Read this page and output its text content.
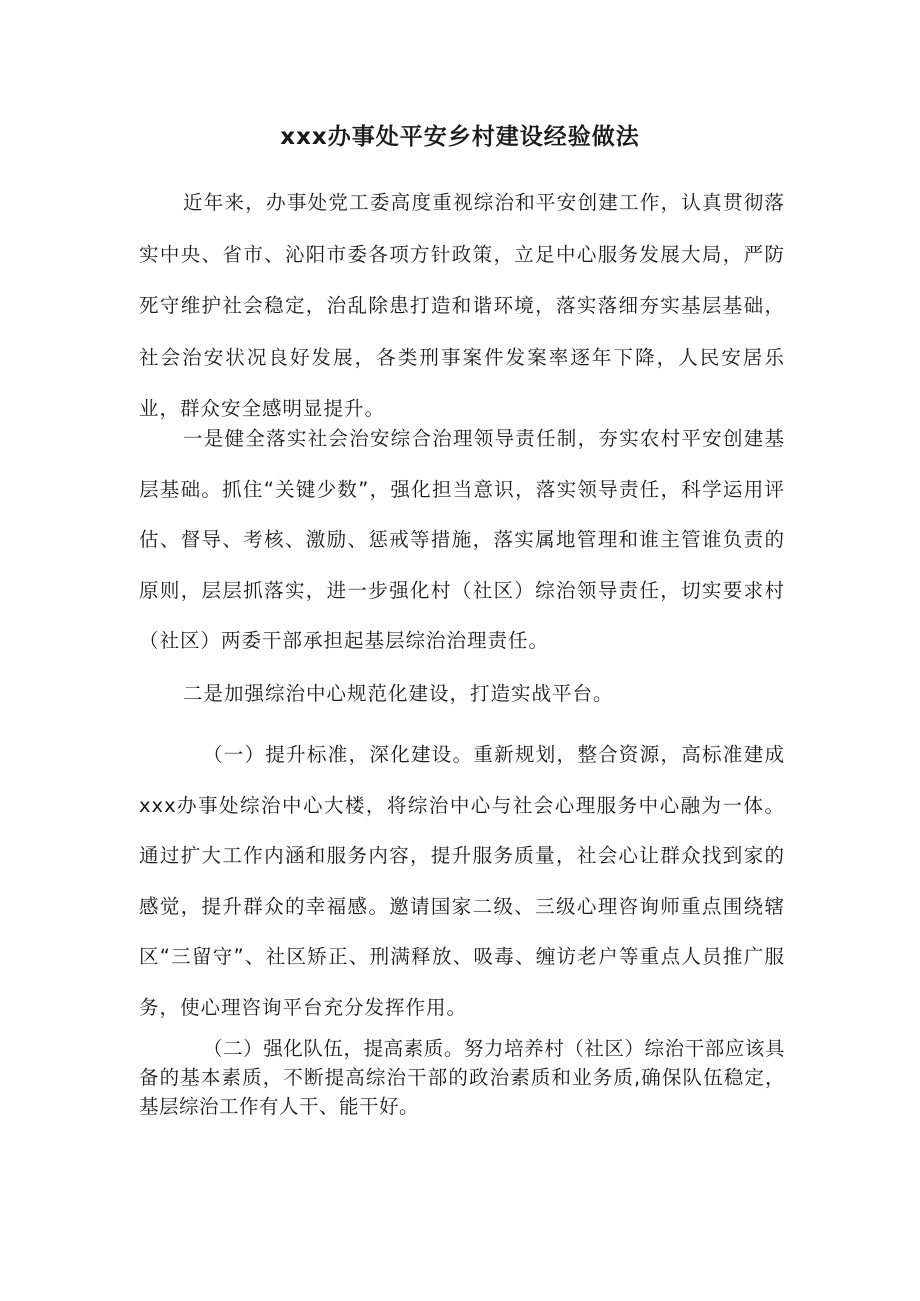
xxx办事处平安乡村建设经验做法

近年来，办事处党工委高度重视综治和平安创建工作，认真贯彻落实中央、省市、沁阳市委各项方针政策，立足中心服务发展大局，严防死守维护社会稳定，治乱除患打造和谐环境，落实落细夯实基层基础，社会治安状况良好发展，各类刑事案件发案率逐年下降，人民安居乐业，群众安全感明显提升。

一是健全落实社会治安综合治理领导责任制，夯实农村平安创建基层基础。抓住“关键少数”，强化担当意识，落实领导责任，科学运用评估、督导、考核、激励、惩戒等措施，落实属地管理和谁主管谁负责的原则，层层抓落实，进一步强化村（社区）综治领导责任，切实要求村（社区）两委干部承担起基层综治治理责任。

二是加强综治中心规范化建设，打造实战平台。

（一）提升标准，深化建设。重新规划，整合资源，高标准建成xxx办事处综治中心大楼，将综治中心与社会心理服务中心融为一体。通过扩大工作内涵和服务内容，提升服务质量，社会心让群众找到家的感觉，提升群众的幸福感。邀请国家二级、三级心理咨询师重点围绕辖区“三留守”、社区矫正、刑满释放、吸毒、缠访老户等重点人员推广服务，使心理咨询平台充分发挥作用。

（二）强化队伍，提高素质。努力培养村（社区）综治干部应该具备的基本素质，不断提高综治干部的政治素质和业务质,确保队伍稳定，基层综治工作有人干、能干好。
